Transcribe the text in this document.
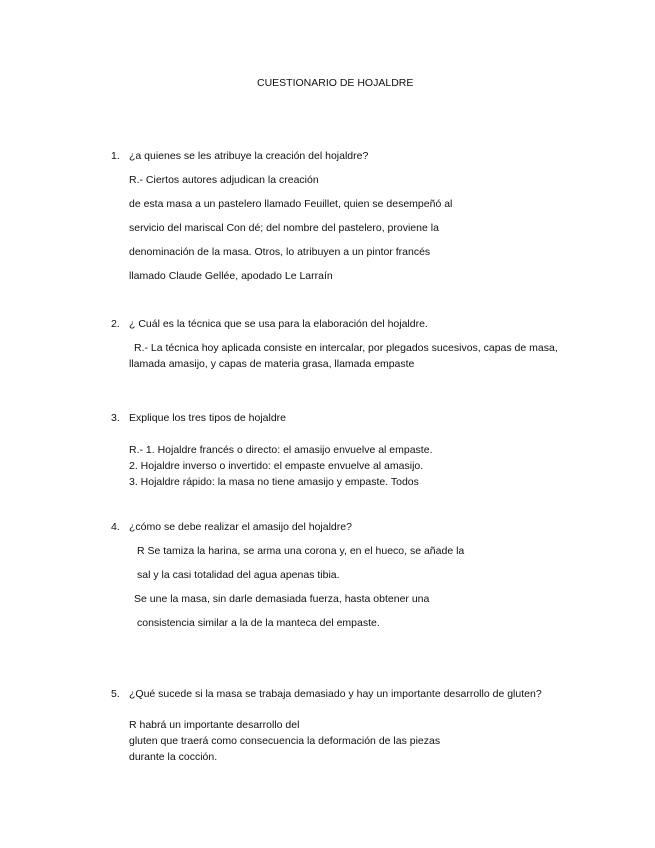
CUESTIONARIO DE HOJALDRE
1. ¿a quienes se les atribuye la creación del hojaldre?
R.- Ciertos autores adjudican la creación
de esta masa a un pastelero llamado Feuillet, quien se desempeñó al
servicio del mariscal Con dé; del nombre del pastelero, proviene la
denominación de la masa. Otros, lo atribuyen a un pintor francés
llamado Claude Gellée, apodado Le Larraín
2. ¿ Cuál es la técnica que se usa para la elaboración del hojaldre.
R.- La técnica hoy aplicada consiste en intercalar, por plegados sucesivos, capas de masa,
llamada amasijo, y capas de materia grasa, llamada empaste
3. Explique los tres tipos de hojaldre
R.- 1. Hojaldre francés o directo: el amasijo envuelve al empaste.
2. Hojaldre inverso o invertido: el empaste envuelve al amasijo.
3. Hojaldre rápido: la masa no tiene amasijo y empaste. Todos
4. ¿cómo se debe realizar el amasijo del hojaldre?
R Se tamiza la harina, se arma una corona y, en el hueco, se añade la
sal y la casi totalidad del agua apenas tibia.
Se une la masa, sin darle demasiada fuerza, hasta obtener una
consistencia similar a la de la manteca del empaste.
5. ¿Qué sucede si la masa se trabaja demasiado y hay un importante desarrollo de gluten?
R habrá un importante desarrollo del
gluten que traerá como consecuencia la deformación de las piezas
durante la cocción.
